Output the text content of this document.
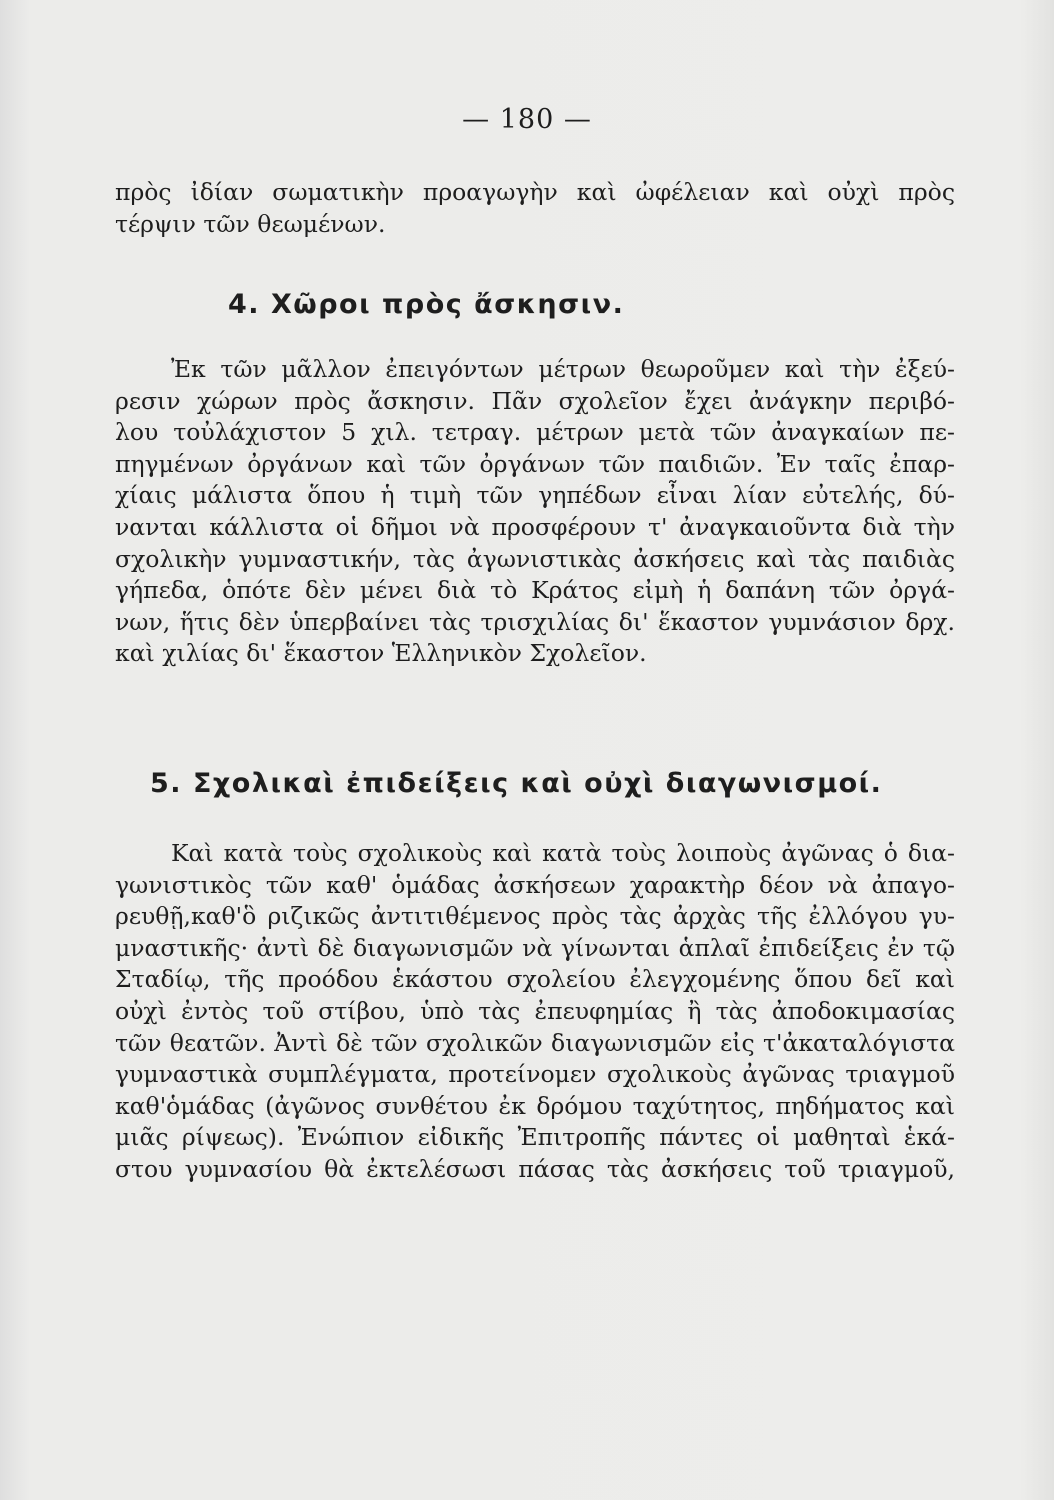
— 180 —
πρὸς ἰδίαν σωματικὴν προαγωγὴν καὶ ὠφέλειαν καὶ οὐχὶ πρὸς
τέρψιν τῶν θεωμένων.
4. Χῶροι πρὸς ἄσκησιν.
Ἐκ τῶν μᾶλλον ἐπειγόντων μέτρων θεωροῦμεν καὶ τὴν ἐξεύ-
ρεσιν χώρων πρὸς ἄσκησιν. Πᾶν σχολεῖον ἔχει ἀνάγκην περιβό-
λου τοὐλάχιστον 5 χιλ. τετραγ. μέτρων μετὰ τῶν ἀναγκαίων πε-
πηγμένων ὀργάνων καὶ τῶν ὀργάνων τῶν παιδιῶν. Ἐν ταῖς ἐπαρ-
χίαις μάλιστα ὅπου ἡ τιμὴ τῶν γηπέδων εἶναι λίαν εὐτελής, δύ-
νανται κάλλιστα οἱ δῆμοι νὰ προσφέρουν τ' ἀναγκαιοῦντα διὰ τὴν
σχολικὴν γυμναστικήν, τὰς ἀγωνιστικὰς ἀσκήσεις καὶ τὰς παιδιὰς
γήπεδα, ὁπότε δὲν μένει διὰ τὸ Κράτος εἰμὴ ἡ δαπάνη τῶν ὀργά-
νων, ἥτις δὲν ὑπερβαίνει τὰς τρισχιλίας δι' ἕκαστον γυμνάσιον δρχ.
καὶ χιλίας δι' ἕκαστον Ἑλληνικὸν Σχολεῖον.
5. Σχολικαὶ ἐπιδείξεις καὶ οὐχὶ διαγωνισμοί.
Καὶ κατὰ τοὺς σχολικοὺς καὶ κατὰ τοὺς λοιποὺς ἀγῶνας ὁ δια-
γωνιστικὸς τῶν καθ' ὁμάδας ἀσκήσεων χαρακτὴρ δέον νὰ ἀπαγο-
ρευθῇ,καθ'ὃ ριζικῶς ἀντιτιθέμενος πρὸς τὰς ἀρχὰς τῆς ἐλλόγου γυ-
μναστικῆς· ἀντὶ δὲ διαγωνισμῶν νὰ γίνωνται ἁπλαῖ ἐπιδείξεις ἐν τῷ
Σταδίῳ, τῆς προόδου ἑκάστου σχολείου ἐλεγχομένης ὅπου δεῖ καὶ
οὐχὶ ἐντὸς τοῦ στίβου, ὑπὸ τὰς ἐπευφημίας ἢ τὰς ἀποδοκιμασίας
τῶν θεατῶν. Ἀντὶ δὲ τῶν σχολικῶν διαγωνισμῶν εἰς τ'ἀκαταλόγιστα
γυμναστικὰ συμπλέγματα, προτείνομεν σχολικοὺς ἀγῶνας τριαγμοῦ
καθ'ὁμάδας (ἀγῶνος συνθέτου ἐκ δρόμου ταχύτητος, πηδήματος καὶ
μιᾶς ρίψεως). Ἐνώπιον εἰδικῆς Ἐπιτροπῆς πάντες οἱ μαθηταὶ ἑκά-
στου γυμνασίου θὰ ἐκτελέσωσι πάσας τὰς ἀσκήσεις τοῦ τριαγμοῦ,
